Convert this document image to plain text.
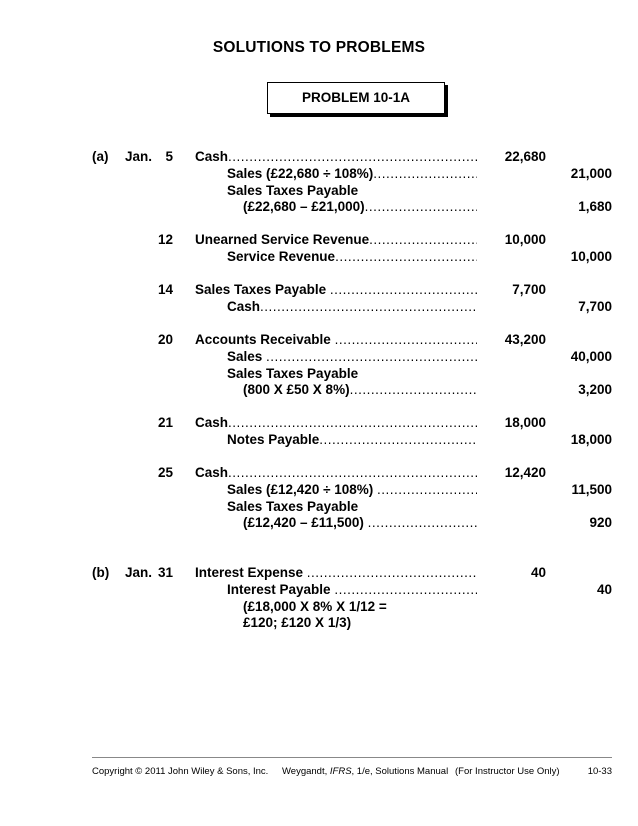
SOLUTIONS TO PROBLEMS
PROBLEM 10-1A
(a) Jan. 5 Cash .....	22,680
Sales (£22,680 ÷ 108%) .....	21,000
Sales Taxes Payable
(£22,680 – £21,000) .....	1,680
12 Unearned Service Revenue .....	10,000
Service Revenue .....	10,000
14 Sales Taxes Payable .....	7,700
Cash .....	7,700
20 Accounts Receivable .....	43,200
Sales .....	40,000
Sales Taxes Payable
(800 X £50 X 8%) .....	3,200
21 Cash .....	18,000
Notes Payable .....	18,000
25 Cash .....	12,420
Sales (£12,420 ÷ 108%) .....	11,500
Sales Taxes Payable
(£12,420 – £11,500) .....	920
(b) Jan. 31 Interest Expense .....	40
Interest Payable .....	40
(£18,000 X 8% X 1/12 =
£120; £120 X 1/3)
Copyright © 2011 John Wiley & Sons, Inc. Weygandt, IFRS, 1/e, Solutions Manual (For Instructor Use Only)	10-33
